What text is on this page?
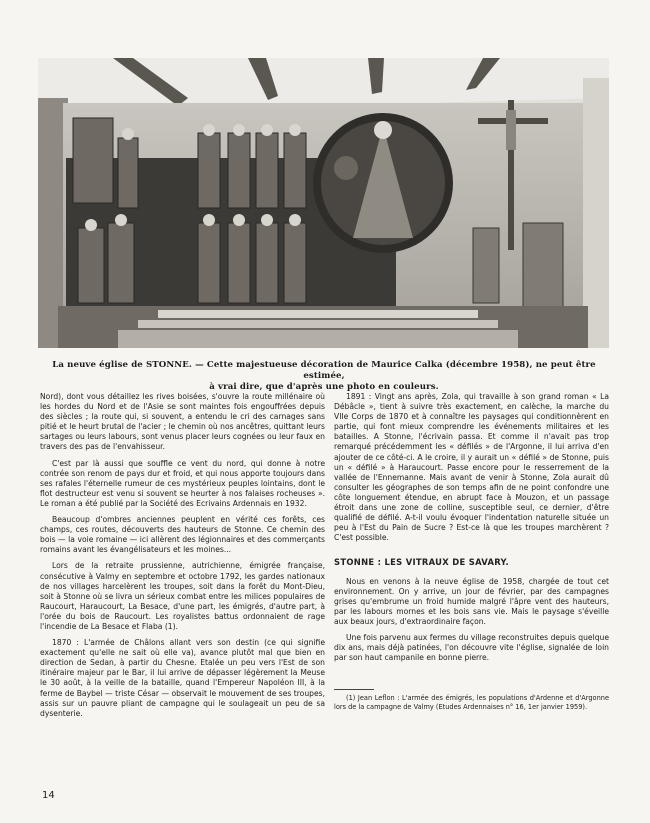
La neuve église de STONNE. — Cette majestueuse décoration de Maurice Calka (décembre 1958), ne peut être estimée,
à vrai dire, que d'après une photo en couleurs.

Nord), dont vous détaillez les rives boisées, s'ouvre la route millénaire où les hordes du Nord et de l'Asie se sont maintes fois engouffrées depuis des siècles ; la route qui, si souvent, a entendu le cri des carnages sans pitié et le heurt brutal de l'acier ; le chemin où nos ancêtres, quittant leurs sartages ou leurs labours, sont venus placer leurs cognées ou leur faux en travers des pas de l'envahisseur.

C'est par là aussi que souffle ce vent du nord, qui donne à notre contrée son renom de pays dur et froid, et qui nous apporte toujours dans ses rafales l'éternelle rumeur de ces mystérieux peuples lointains, dont le flot destructeur est venu si souvent se heurter à nos falaises rocheuses ». Le roman a été publié par la Société des Ecrivains Ardennais en 1932.

Beaucoup d'ombres anciennes peuplent en vérité ces forêts, ces champs, ces routes, découverts des hauteurs de Stonne. Ce chemin des bois — la voie romaine — ici allèrent des légionnaires et des commerçants romains avant les évangélisateurs et les moines...

Lors de la retraite prussienne, autrichienne, émigrée française, consécutive à Valmy en septembre et octobre 1792, les gardes nationaux de nos villages harcelèrent les troupes, soit dans la forêt du Mont-Dieu, soit à Stonne où se livra un sérieux combat entre les milices populaires de Raucourt, Haraucourt, La Besace, d'une part, les émigrés, d'autre part, à l'orée du bois de Raucourt. Les royalistes battus ordonnaient de rage l'incendie de La Besace et Flaba (1).

1870 : L'armée de Châlons allant vers son destin (ce qui signifie exactement qu'elle ne sait où elle va), avance plutôt mal que bien en direction de Sedan, à partir du Chesne. Etalée un peu vers l'Est de son itinéraire majeur par le Bar, il lui arrive de dépasser légèrement la Meuse le 30 août, à la veille de la bataille, quand l'Empereur Napoléon III, à la ferme de Baybel — triste César — observait le mouvement de ses troupes, assis sur un pauvre pliant de campagne qui le soulageait un peu de sa dysenterie.

1891 : Vingt ans après, Zola, qui travaille à son grand roman « La Débâcle », tient à suivre très exactement, en calèche, la marche du VIIe Corps de 1870 et à connaître les paysages qui conditionnèrent en partie, qui font mieux comprendre les événements militaires et les batailles. A Stonne, l'écrivain passa. Et comme il n'avait pas trop remarqué précédemment les « défilés » de l'Argonne, il lui arriva d'en ajouter de ce côté-ci. A le croire, il y aurait un « défilé » de Stonne, puis un « défilé » à Haraucourt. Passe encore pour le resserrement de la vallée de l'Ennemanne. Mais avant de venir à Stonne, Zola aurait dû consulter les géographes de son temps afin de ne point confondre une côte longuement étendue, en abrupt face à Mouzon, et un passage étroit dans une zone de colline, susceptible seul, ce dernier, d'être qualifié de défilé. A-t-il voulu évoquer l'indentation naturelle située un peu à l'Est du Pain de Sucre ? Est-ce là que les troupes marchèrent ? C'est possible.

STONNE : LES VITRAUX DE SAVARY.

Nous en venons à la neuve église de 1958, chargée de tout cet environnement. On y arrive, un jour de février, par des campagnes grises qu'embrume un froid humide malgré l'âpre vent des hauteurs, par les labours mornes et les bois sans vie. Mais le paysage s'éveille aux beaux jours, d'extraordinaire façon.

Une fois parvenu aux fermes du village reconstruites depuis quelque dix ans, mais déjà patinées, l'on découvre vite l'église, signalée de loin par son haut campanile en bonne pierre.

(1) Jean Leflon : L'armée des émigrés, les populations d'Ardenne et d'Argonne lors de la campagne de Valmy (Etudes Ardennaises n° 16, 1er janvier 1959).

14
